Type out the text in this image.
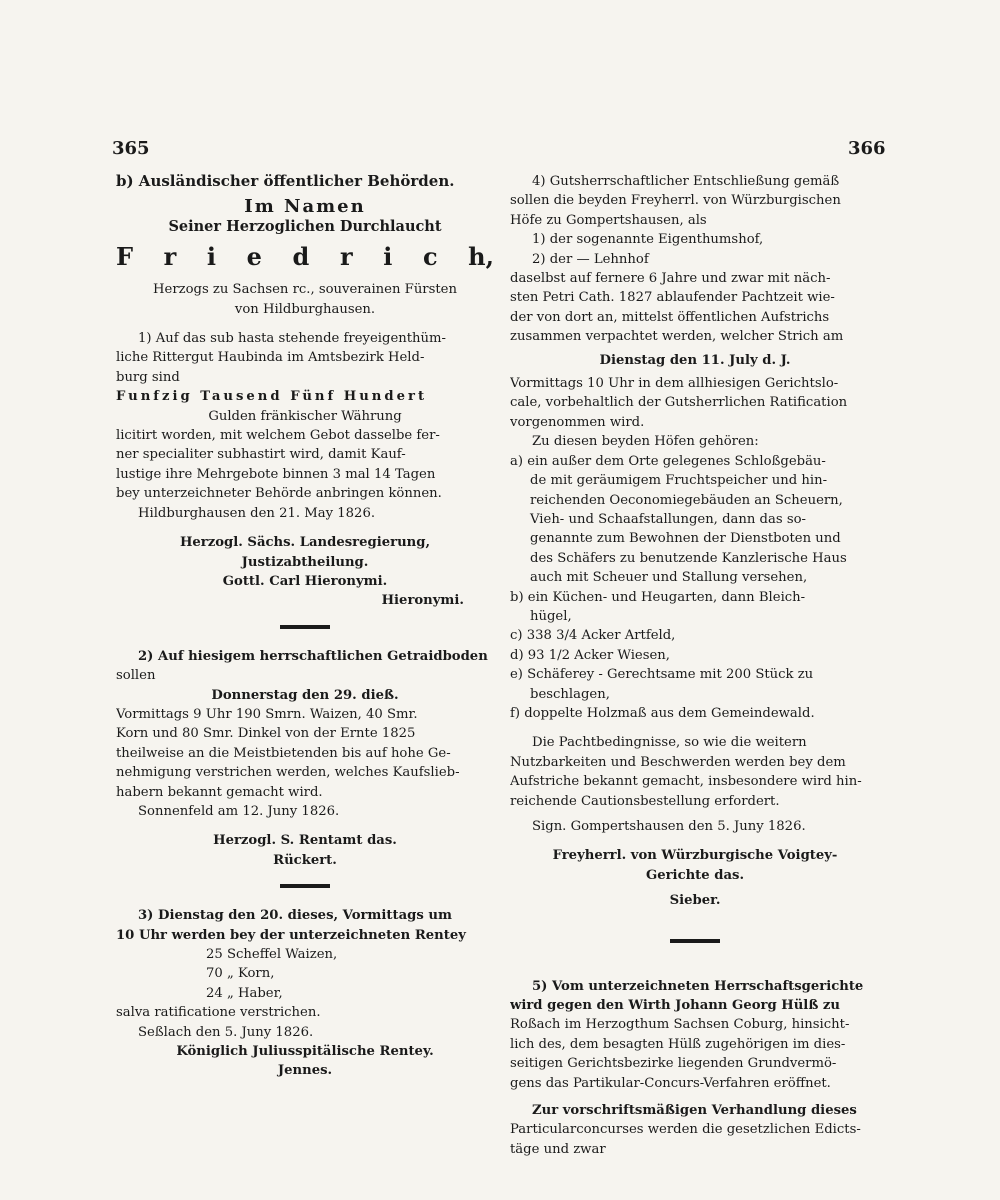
365	366

b) Ausländischer öffentlicher Behörden.

Im Namen

Seiner Herzoglichen Durchlaucht

F r i e d r i c h,

Herzogs zu Sachsen rc., souverainen Fürsten

von Hildburghausen.

1) Auf das sub hasta stehende freyeigenthüm-

liche Rittergut Haubinda im Amtsbezirk Held-

burg sind

Funfzig Tausend Fünf Hundert

Gulden fränkischer Währung

licitirt worden, mit welchem Gebot dasselbe fer-

ner specialiter subhastirt wird, damit Kauf-

lustige ihre Mehrgebote binnen 3 mal 14 Tagen

bey unterzeichneter Behörde anbringen können.

Hildburghausen den 21. May 1826.

Herzogl. Sächs. Landesregierung,

Justizabtheilung.

Gottl. Carl Hieronymi.

Hieronymi.

2) Auf hiesigem herrschaftlichen Getraidboden

sollen

Donnerstag den 29. dieß.

Vormittags 9 Uhr 190 Smrn. Waizen, 40 Smr.

Korn und 80 Smr. Dinkel von der Ernte 1825

theilweise an die Meistbietenden bis auf hohe Ge-

nehmigung verstrichen werden, welches Kaufslieb-

habern bekannt gemacht wird.

Sonnenfeld am 12. Juny 1826.

Herzogl. S. Rentamt das.

Rückert.

3) Dienstag den 20. dieses, Vormittags um

10 Uhr werden bey der unterzeichneten Rentey

25 Scheffel Waizen,

70 „ Korn,

24 „ Haber,

salva ratificatione verstrichen.

Seßlach den 5. Juny 1826.

Königlich Juliusspitälische Rentey.

Jennes.

4) Gutsherrschaftlicher Entschließung gemäß

sollen die beyden Freyherrl. von Würzburgischen

Höfe zu Gompertshausen, als

1) der sogenannte Eigenthumshof,

2) der — Lehnhof

daselbst auf fernere 6 Jahre und zwar mit näch-

sten Petri Cath. 1827 ablaufender Pachtzeit wie-

der von dort an, mittelst öffentlichen Aufstrichs

zusammen verpachtet werden, welcher Strich am

Dienstag den 11. July d. J.

Vormittags 10 Uhr in dem allhiesigen Gerichtslo-

cale, vorbehaltlich der Gutsherrlichen Ratification

vorgenommen wird.

Zu diesen beyden Höfen gehören:

a) ein außer dem Orte gelegenes Schloßgebäu-

de mit geräumigem Fruchtspeicher und hin-

reichenden Oeconomiegebäuden an Scheuern,

Vieh- und Schaafstallungen, dann das so-

genannte zum Bewohnen der Dienstboten und

des Schäfers zu benutzende Kanzlerische Haus

auch mit Scheuer und Stallung versehen,

b) ein Küchen- und Heugarten, dann Bleich-

hügel,

c) 338 3/4 Acker Artfeld,

d) 93 1/2 Acker Wiesen,

e) Schäferey - Gerechtsame mit 200 Stück zu

beschlagen,

f) doppelte Holzmaß aus dem Gemeindewald.

Die Pachtbedingnisse, so wie die weitern

Nutzbarkeiten und Beschwerden werden bey dem

Aufstriche bekannt gemacht, insbesondere wird hin-

reichende Cautionsbestellung erfordert.

Sign. Gompertshausen den 5. Juny 1826.

Freyherrl. von Würzburgische Voigtey-

Gerichte das.

Sieber.

5) Vom unterzeichneten Herrschaftsgerichte

wird gegen den Wirth Johann Georg Hülß zu

Roßach im Herzogthum Sachsen Coburg, hinsicht-

lich des, dem besagten Hülß zugehörigen im dies-

seitigen Gerichtsbezirke liegenden Grundvermö-

gens das Partikular-Concurs-Verfahren eröffnet.

Zur vorschriftsmäßigen Verhandlung dieses

Particularconcurses werden die gesetzlichen Edicts-

täge und zwar
